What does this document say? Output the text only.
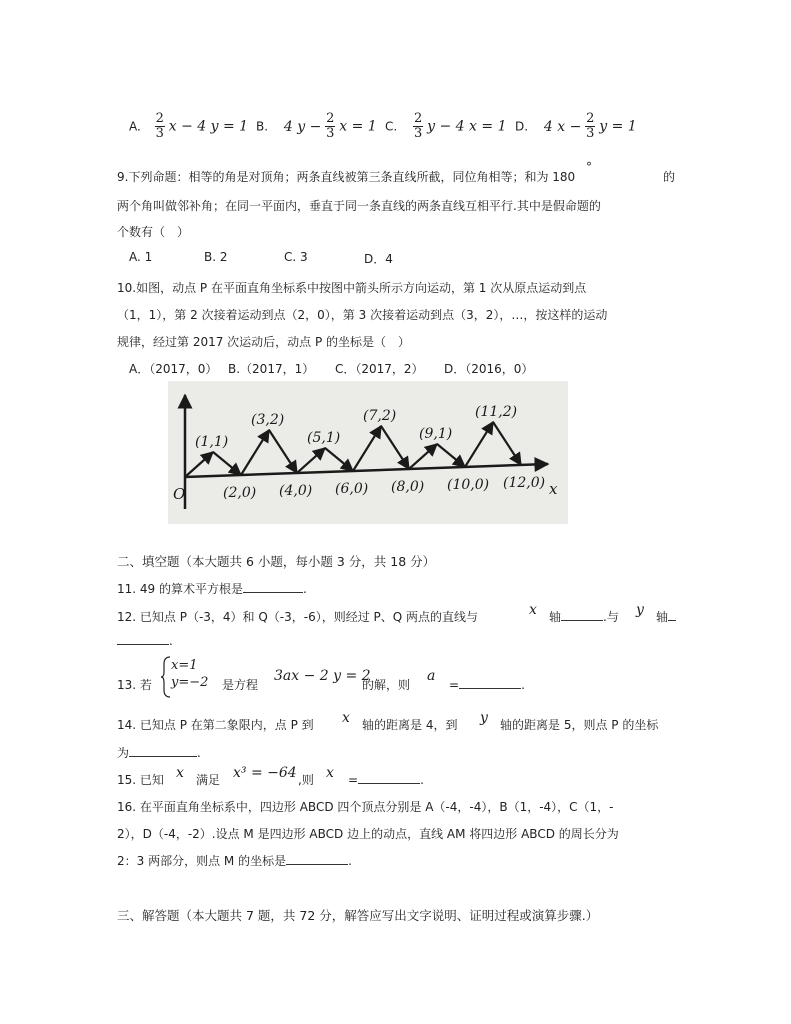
A. $\frac{2}{3}$ x − 4 y = 1 B. 4 $y - \frac{2}{3}$ x = 1 C. $\frac{2}{3}$ y − 4 x = 1 D. 4 $x - \frac{2}{3}$ y = 1
9.下列命题：相等的角是对顶角；两条直线被第三条直线所截，同位角相等；和为 180
°
的
两个角叫做邻补角；在同一平面内，垂直于同一条直线的两条直线互相平行.其中是假命题的
个数有（　）
A. 1	B. 2	C. 3	D．4
10.如图，动点 P 在平面直角坐标系中按图中箭头所示方向运动，第 1 次从原点运动到点
（1，1），第 2 次接着运动到点（2，0），第 3 次接着运动到点（3，2），…，按这样的运动
规律，经过第 2017 次运动后，动点 P 的坐标是（　）
A．（2017，0） B.（2017，1） C．（2017，2） D．（2016，0）
O	x
(1,1)
(2,0)
(3,2)
(4,0)
(5,1)
(6,0)
(7,2)
(8,0)
(9,1)
(10,0)
(11,2)
(12,0)
二、填空题（本大题共 6 小题，每小题 3 分，共 18 分）
11. 49 的算术平方根是	.
12. 已知点 P（-3，4）和 Q（-3，-6），则经过 P、Q 两点的直线与	x 轴	.与 y 轴
.
13. 若
x=1
y=−2 是方程
3ax − 2 y = 2
的解，则
a
=	.
14. 已知点 P 在第二象限内，点 P 到 x 轴的距离是 4，到 y 轴的距离是 5，则点 P 的坐标
为	.
15. 已知 x 满足 x³ = −64 ,则 x =	.
16. 在平面直角坐标系中，四边形 ABCD 四个顶点分别是 A（-4，-4），B（1，-4），C（1，-
2），D（-4，-2）.设点 M 是四边形 ABCD 边上的动点，直线 AM 将四边形 ABCD 的周长分为
2：3 两部分，则点 M 的坐标是	.
三、解答题（本大题共 7 题，共 72 分，解答应写出文字说明、证明过程或演算步骤.）
